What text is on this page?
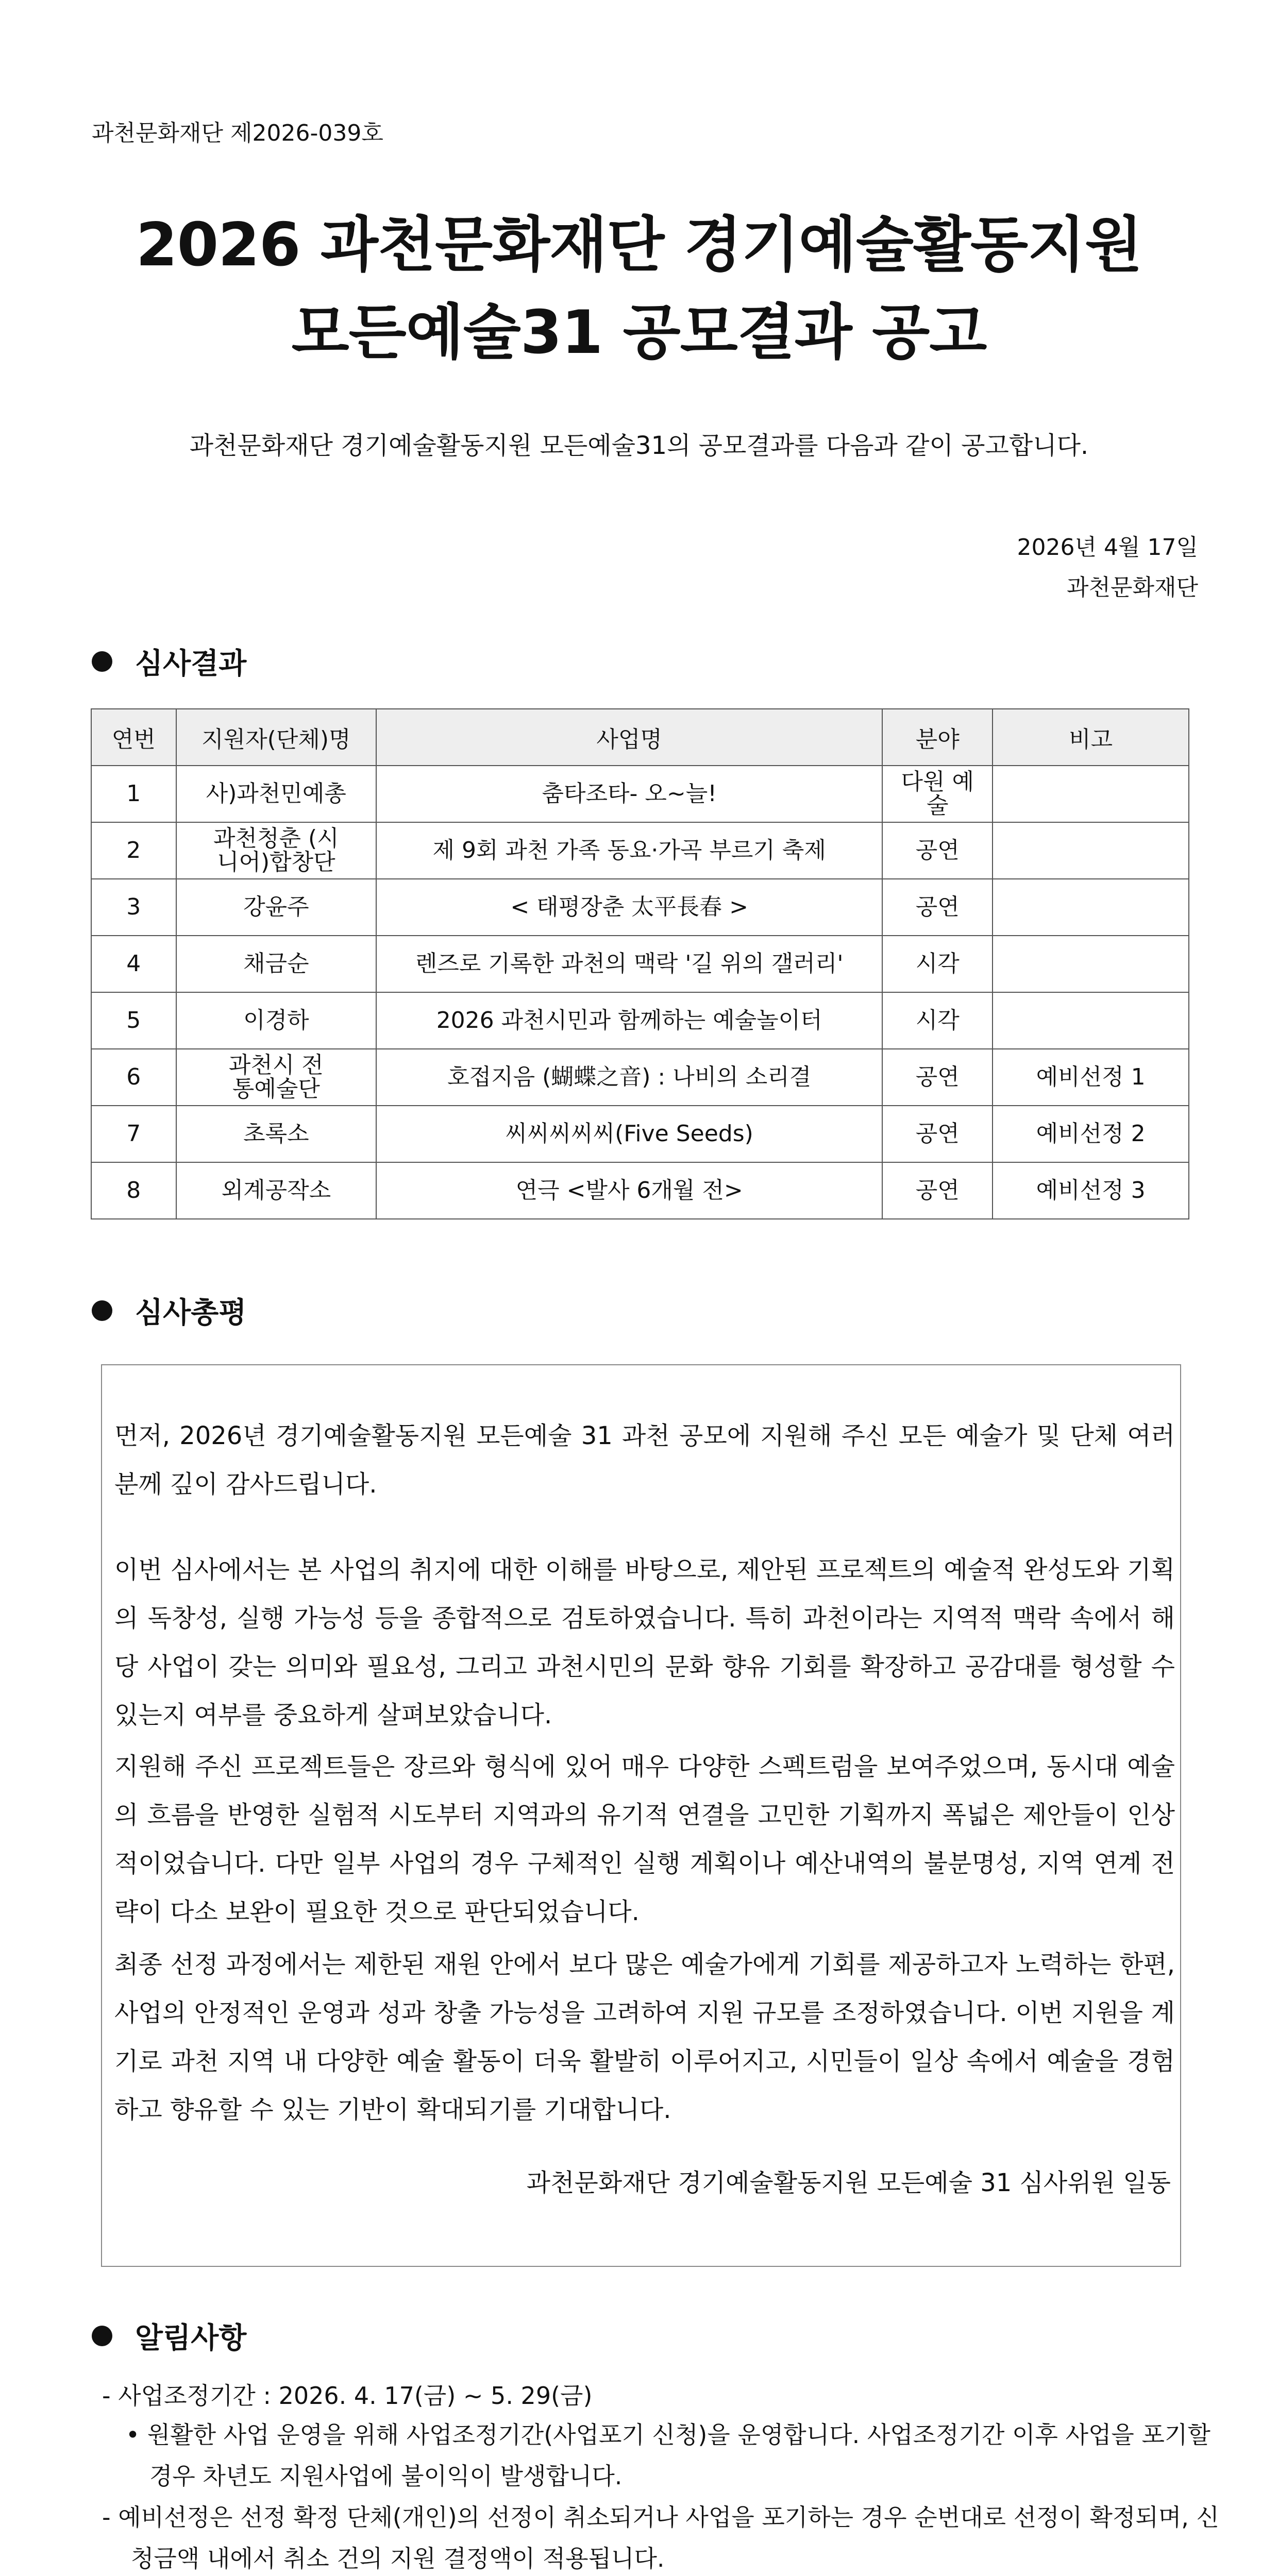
과천문화재단 제2026-039호
2026 과천문화재단 경기예술활동지원
모든예술31 공모결과 공고
과천문화재단 경기예술활동지원 모든예술31의 공모결과를 다음과 같이 공고합니다.
2026년 4월 17일
과천문화재단
심사결과
연번	지원자(단체)명	사업명	분야	비고
1	사)과천민예총	춤타조타- 오~늘!	다원 예술	
2	과천청춘 (시니어)합창단	제 9회 과천 가족 동요·가곡 부르기 축제	공연	
3	강윤주	< 태평장춘 太平長春 >	공연	
4	채금순	렌즈로 기록한 과천의 맥락 '길 위의 갤러리'	시각	
5	이경하	2026 과천시민과 함께하는 예술놀이터	시각	
6	과천시 전통예술단	호접지음 (蝴蝶之音) : 나비의 소리결	공연	예비선정 1
7	초록소	씨씨씨씨씨(Five Seeds)	공연	예비선정 2
8	외계공작소	연극 <발사 6개월 전>	공연	예비선정 3
심사총평
먼저, 2026년 경기예술활동지원 모든예술 31 과천 공모에 지원해 주신 모든 예술가 및 단체 여러분께 깊이 감사드립니다.
이번 심사에서는 본 사업의 취지에 대한 이해를 바탕으로, 제안된 프로젝트의 예술적 완성도와 기획의 독창성, 실행 가능성 등을 종합적으로 검토하였습니다. 특히 과천이라는 지역적 맥락 속에서 해당 사업이 갖는 의미와 필요성, 그리고 과천시민의 문화 향유 기회를 확장하고 공감대를 형성할 수 있는지 여부를 중요하게 살펴보았습니다.
지원해 주신 프로젝트들은 장르와 형식에 있어 매우 다양한 스펙트럼을 보여주었으며, 동시대 예술의 흐름을 반영한 실험적 시도부터 지역과의 유기적 연결을 고민한 기획까지 폭넓은 제안들이 인상적이었습니다. 다만 일부 사업의 경우 구체적인 실행 계획이나 예산내역의 불분명성, 지역 연계 전략이 다소 보완이 필요한 것으로 판단되었습니다.
최종 선정 과정에서는 제한된 재원 안에서 보다 많은 예술가에게 기회를 제공하고자 노력하는 한편, 사업의 안정적인 운영과 성과 창출 가능성을 고려하여 지원 규모를 조정하였습니다. 이번 지원을 계기로 과천 지역 내 다양한 예술 활동이 더욱 활발히 이루어지고, 시민들이 일상 속에서 예술을 경험하고 향유할 수 있는 기반이 확대되기를 기대합니다.
과천문화재단 경기예술활동지원 모든예술 31 심사위원 일동
알림사항
- 사업조정기간 : 2026. 4. 17(금) ~ 5. 29(금)
• 원활한 사업 운영을 위해 사업조정기간(사업포기 신청)을 운영합니다. 사업조정기간 이후 사업을 포기할 경우 차년도 지원사업에 불이익이 발생합니다.
- 예비선정은 선정 확정 단체(개인)의 선정이 취소되거나 사업을 포기하는 경우 순번대로 선정이 확정되며, 신청금액 내에서 취소 건의 지원 결정액이 적용됩니다.
